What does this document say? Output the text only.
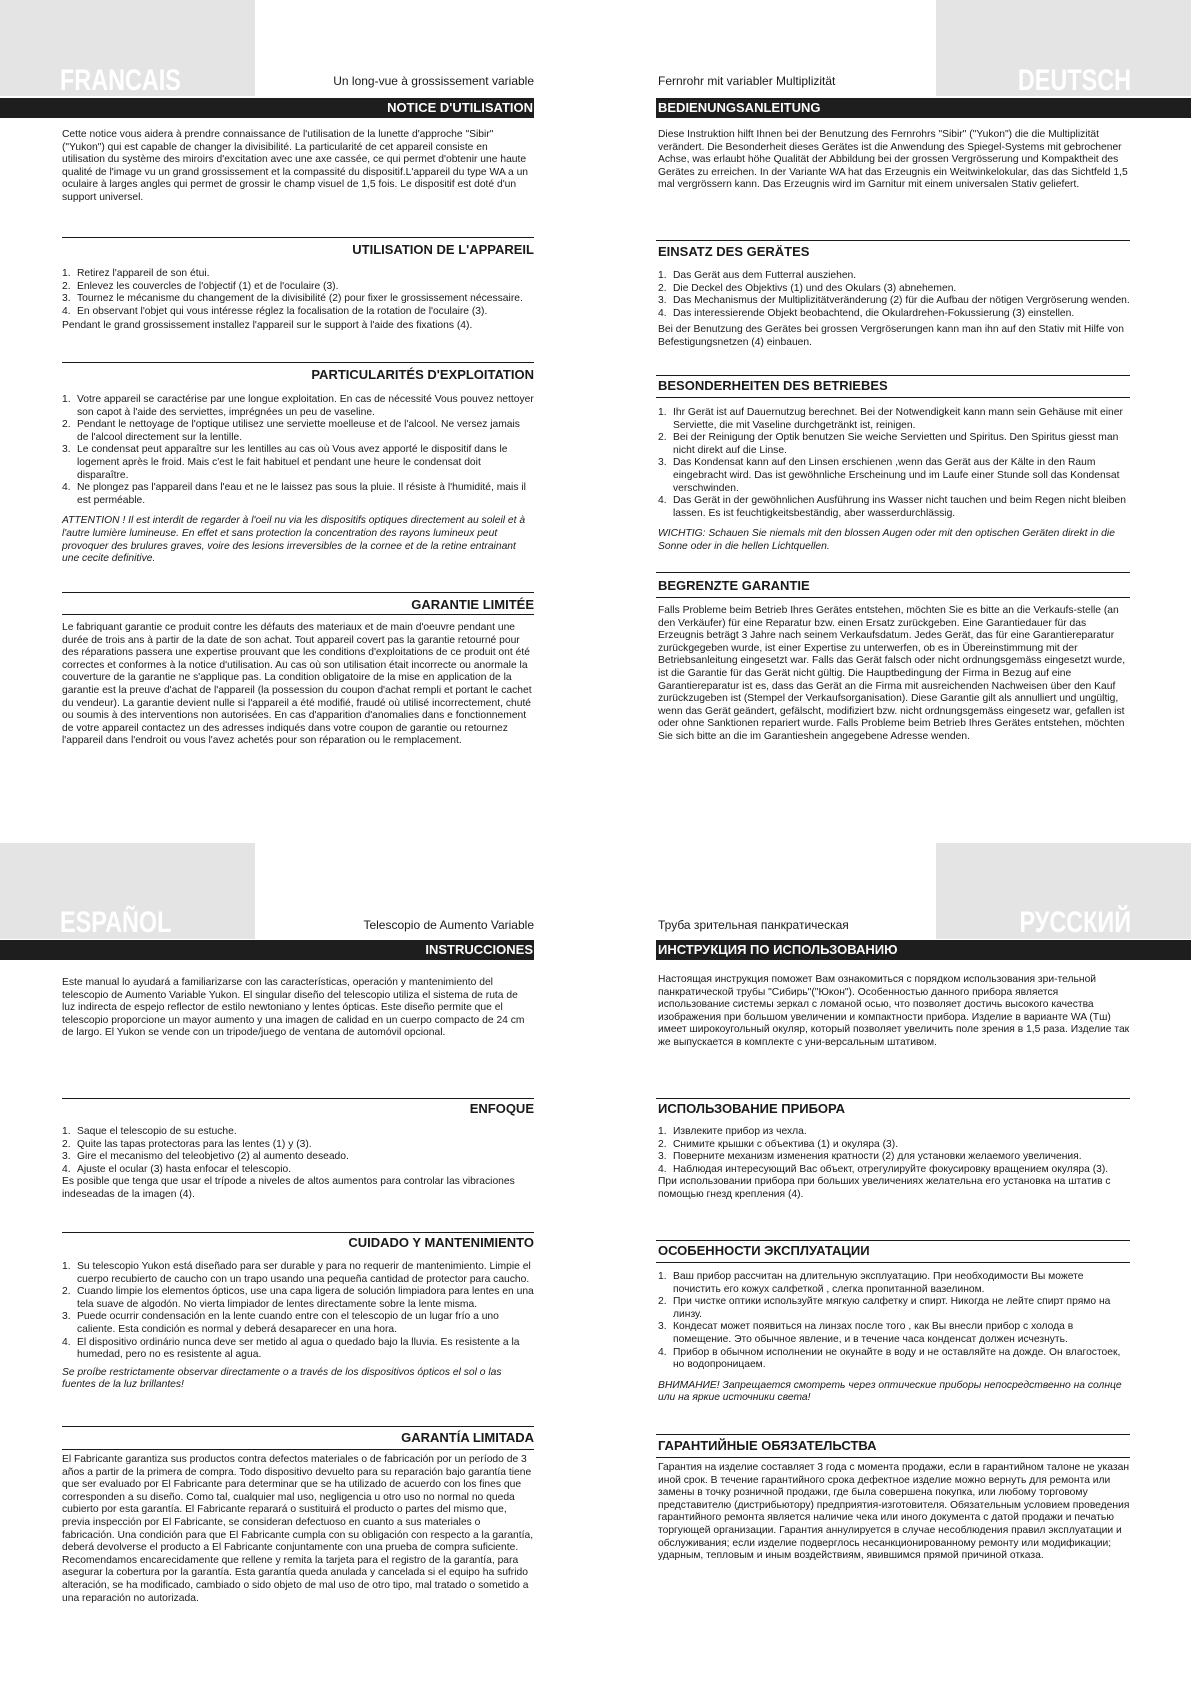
FRANCAIS	Un long-vue à grossissement variable
NOTICE D'UTILISATION

Cette notice vous aidera à prendre connaissance de l'utilisation de la lunette d'approche "Sibir" ("Yukon") qui est capable de changer la divisibilité. La particularité de cet appareil consiste en utilisation du système des miroirs d'excitation avec une axe cassée, ce qui permet d'obtenir une haute qualité de l'image vu un grand grossissement et la compassité du dispositif.L'appareil du type WA a un oculaire à larges angles qui permet de grossir le champ visuel de 1,5 fois. Le dispositif est doté d'un support universel.

UTILISATION DE L'APPAREIL
1. Retirez l'appareil de son étui.
2. Enlevez les couvercles de l'objectif (1) et de l'oculaire (3).
3. Tournez le mécanisme du changement de la divisibilité (2) pour fixer le grossissement nécessaire.
4. En observant l'objet qui vous intéresse réglez la focalisation de la rotation de l'oculaire (3).

Pendant le grand grossissement installez l'appareil sur le support à l'aide des fixations (4).

PARTICULARITÉS D'EXPLOITATION
1. Votre appareil se caractérise par une longue exploitation. En cas de nécessité Vous pouvez nettoyer son capot à l'aide des serviettes, imprégnées un peu de vaseline.
2. Pendant le nettoyage de l'optique utilisez une serviette moelleuse et de l'alcool. Ne versez jamais de l'alcool directement sur la lentille.
3. Le condensat peut apparaître sur les lentilles au cas où Vous avez apporté le dispositif dans le logement après le froid. Mais c'est le fait habituel et pendant une heure le condensat doit disparaître.
4. Ne plongez pas l'appareil dans l'eau et ne le laissez pas sous la pluie. Il résiste à l'humidité, mais il est perméable.

ATTENTION ! Il est interdit de regarder à l'oeil nu via les dispositifs optiques directement au soleil et à l'autre lumière lumineuse. En effet et sans protection la concentration des rayons lumineux peut provoquer des brulures graves, voire des lesions irreversibles de la cornee et de la retine entrainant une cecite definitive.

GARANTIE LIMITÉE

Le fabriquant garantie ce produit contre les défauts des materiaux et de main d'oeuvre pendant une durée de trois ans à partir de la date de son achat. Tout appareil covert pas la garantie retourné pour des réparations passera une expertise prouvant que les conditions d'exploitations de ce produit ont été correctes et conformes à la notice d'utilisation. Au cas où son utilisation était incorrecte ou anormale la couverture de la garantie ne s'applique pas. La condition obligatoire de la mise en application de la garantie est la preuve d'achat de l'appareil (la possession du coupon d'achat rempli et portant le cachet du vendeur). La garantie devient nulle si l'appareil a été modifié, fraudé où utilisé incorrectement, chuté ou soumis à des interventions non autorisées. En cas d'apparition d'anomalies dans e fonctionnement de votre appareil contactez un des adresses indiqués dans votre coupon de garantie ou retournez l'appareil dans l'endroit ou vous l'avez achetés pour son réparation ou le remplacement.

DEUTSCH
Fernrohr mit variabler Multiplizität
BEDIENUNGSANLEITUNG

Diese Instruktion hilft Ihnen bei der Benutzung des Fernrohrs "Sibir" ("Yukon") die die Multiplizität verändert. Die Besonderheit dieses Gerätes ist die Anwendung des Spiegel-Systems mit gebrochener Achse, was erlaubt höhe Qualität der Abbildung bei der grossen Vergrösserung und Kompaktheit des Gerätes zu erreichen. In der Variante WA hat das Erzeugnis ein Weitwinkelokular, das das Sichtfeld 1,5 mal vergrössern kann. Das Erzeugnis wird im Garnitur mit einem universalen Stativ geliefert.

EINSATZ DES GERÄTES
1. Das Gerät aus dem Futterral ausziehen.
2. Die Deckel des Objektivs (1) und des Okulars (3) abnehemen.
3. Das Mechanismus der Multiplizitätveränderung (2) für die Aufbau der nötigen Vergröserung wenden.
4. Das interessierende Objekt beobachtend, die Okulardrehen-Fokussierung (3) einstellen.

Bei der Benutzung des Gerätes bei grossen Vergröserungen kann man ihn auf den Stativ mit Hilfe von Befestigungsnetzen (4) einbauen.

BESONDERHEITEN DES BETRIEBES
1. Ihr Gerät ist auf Dauernutzug berechnet. Bei der Notwendigkeit kann mann sein Gehäuse mit einer Serviette, die mit Vaseline durchgetränkt ist, reinigen.
2. Bei der Reinigung der Optik benutzen Sie weiche Servietten und Spiritus. Den Spiritus giesst man nicht direkt auf die Linse.
3. Das Kondensat kann auf den Linsen erschienen ,wenn das Gerät aus der Kälte in den Raum eingebracht wird. Das ist gewöhnliche Erscheinung und im Laufe einer Stunde soll das Kondensat verschwinden.
4. Das Gerät in der gewöhnlichen Ausführung ins Wasser nicht tauchen und beim Regen nicht bleiben lassen. Es ist feuchtigkeitsbeständig, aber wasserdurchlässig.

WICHTIG: Schauen Sie niemals mit den blossen Augen oder mit den optischen Geräten direkt in die Sonne oder in die hellen Lichtquellen.

BEGRENZTE GARANTIE

Falls Probleme beim Betrieb Ihres Gerätes entstehen, möchten Sie es bitte an die Verkaufs-stelle (an den Verkäufer) für eine Reparatur bzw. einen Ersatz zurückgeben. Eine Garantiedauer für das Erzeugnis beträgt 3 Jahre nach seinem Verkaufsdatum. Jedes Gerät, das für eine Garantiereparatur zurückgegeben wurde, ist einer Expertise zu unterwerfen, ob es in Übereinstimmung mit der Betriebsanleitung eingesetzt war. Falls das Gerät falsch oder nicht ordnungsgemäss eingesetzt wurde, ist die Garantie für das Gerät nicht gültig. Die Hauptbedingung der Firma in Bezug auf eine Garantiereparatur ist es, dass das Gerät an die Firma mit ausreichenden Nachweisen über den Kauf zurückzugeben ist (Stempel der Verkaufsorganisation). Diese Garantie gilt als annulliert und ungültig, wenn das Gerät geändert, gefälscht, modifiziert bzw. nicht ordnungsgemäss eingesetz war, gefallen ist oder ohne Sanktionen repariert wurde. Falls Probleme beim Betrieb Ihres Gerätes entstehen, möchten Sie sich bitte an die im Garantieshein angegebene Adresse wenden.

ESPAÑOL	Telescopio de Aumento Variable
INSTRUCCIONES

Este manual lo ayudará a familiarizarse con las características, operación y mantenimiento del telescopio de Aumento Variable Yukon. El singular diseño del telescopio utiliza el sistema de ruta de luz indirecta de espejo reflector de estilo newtoniano y lentes ópticas. Este diseño permite que el telescopio proporcione un mayor aumento y una imagen de calidad en un cuerpo compacto de 24 cm de largo. El Yukon se vende con un tripode/juego de ventana de automóvil opcional.

ENFOQUE
1. Saque el telescopio de su estuche.
2. Quite las tapas protectoras para las lentes (1) y (3).
3. Gire el mecanismo del teleobjetivo (2) al aumento deseado.
4. Ajuste el ocular (3) hasta enfocar el telescopio.

Es posible que tenga que usar el trípode a niveles de altos aumentos para controlar las vibraciones indeseadas de la imagen (4).

CUIDADO Y MANTENIMIENTO
1. Su telescopio Yukon está diseñado para ser durable y para no requerir de mantenimiento. Limpie el cuerpo recubierto de caucho con un trapo usando una pequeña cantidad de protector para caucho.
2. Cuando limpie los elementos ópticos, use una capa ligera de solución limpiadora para lentes en una tela suave de algodón. No vierta limpiador de lentes directamente sobre la lente misma.
3. Puede ocurrir condensación en la lente cuando entre con el telescopio de un lugar frío a uno caliente. Esta condición es normal y deberá desaparecer en una hora.
4. El dispositivo ordinário nunca deve ser metido al agua o quedado bajo la lluvia. Es resistente a la humedad, pero no es resistente al agua.

Se proíbe restrictamente observar directamente o a través de los dispositivos ópticos el sol o las fuentes de la luz brillantes!

GARANTÍA LIMITADA

El Fabricante garantiza sus productos contra defectos materiales o de fabricación por un período de 3 años a partir de la primera de compra. Todo dispositivo devuelto para su reparación bajo garantía tiene que ser evaluado por El Fabricante para determinar que se ha utilizado de acuerdo con los fines que corresponden a su diseño. Como tal, cualquier mal uso, negligencia u otro uso no normal no queda cubierto por esta garantía. El Fabricante reparará o sustituirá el producto o partes del mismo que, previa inspección por El Fabricante, se consideran defectuoso en cuanto a sus materiales o fabricación. Una condición para que El Fabricante cumpla con su obligación con respecto a la garantía, deberá devolverse el producto a El Fabricante conjuntamente con una prueba de compra suficiente. Recomendamos encarecidamente que rellene y remita la tarjeta para el registro de la garantía, para asegurar la cobertura por la garantía. Esta garantía queda anulada y cancelada si el equipo ha sufrido alteración, se ha modificado, cambiado o sido objeto de mal uso de otro tipo, mal tratado o sometido a una reparación no autorizada.

РУССКИЙ
Труба зрительная панкратическая
ИНСТРУКЦИЯ ПО ИСПОЛЬЗОВАНИЮ

Настоящая инструкция поможет Вам ознакомиться с порядком использования зри-тельной панкратической трубы "Сибирь"("Юкон"). Особенностью данного прибора является использование системы зеркал с ломаной осью, что позволяет достичь высокого качества изображения при большом увеличении и компактности прибора. Изделие в варианте WA (Тш) имеет широкоугольный окуляр, который позволяет увеличить поле зрения в 1,5 раза. Изделие так же выпускается в комплекте с уни-версальным штативом.

ИСПОЛЬЗОВАНИЕ ПРИБОРА
1. Извлеките прибор из чехла.
2. Снимите крышки с объектива (1) и окуляра (3).
3. Поверните механизм изменения кратности (2) для установки желаемого увеличения.
4. Наблюдая интересующий Вас объект, отрегулируйте фокусировку вращением окуляра (3).

При использовании прибора при больших увеличениях желательна его установка на штатив с помощью гнезд крепления (4).

ОСОБЕННОСТИ ЭКСПЛУАТАЦИИ
1. Ваш прибор рассчитан на длительную эксплуатацию. При необходимости Вы можете почистить его кожух салфеткой , слегка пропитанной вазелином.
2. При чистке оптики используйте мягкую салфетку и спирт. Никогда не лейте спирт прямо на линзу.
3. Кондесат может появиться на линзах после того , как Вы внесли прибор с холода в помещение. Это обычное явление, и в течение часа конденсат должен исчезнуть.
4. Прибор в обычном исполнении не окунайте в воду и не оставляйте на дожде. Он влагостоек, но водопроницаем.

ВНИМАНИЕ! Запрещается смотреть через оптические приборы непосредственно на солнце или на яркие источники света!

ГАРАНТИЙНЫЕ ОБЯЗАТЕЛЬСТВА

Гарантия на изделие составляет 3 года с момента продажи, если в гарантийном талоне не указан иной срок. В течение гарантийного срока дефектное изделие можно вернуть для ремонта или замены в точку розничной продажи, где была совершена покупка, или любому торговому представителю (дистрибьютору) предприятия-изготовителя. Обязательным условием проведения гарантийного ремонта является наличие чека или иного документа с датой продажи и печатью торгующей организации. Гарантия аннулируется в случае несоблюдения правил эксплуатации и обслуживания; если изделие подверглось несанкционированному ремонту или модификации; ударным, тепловым и иным воздействиям, явившимся прямой причиной отказа.
